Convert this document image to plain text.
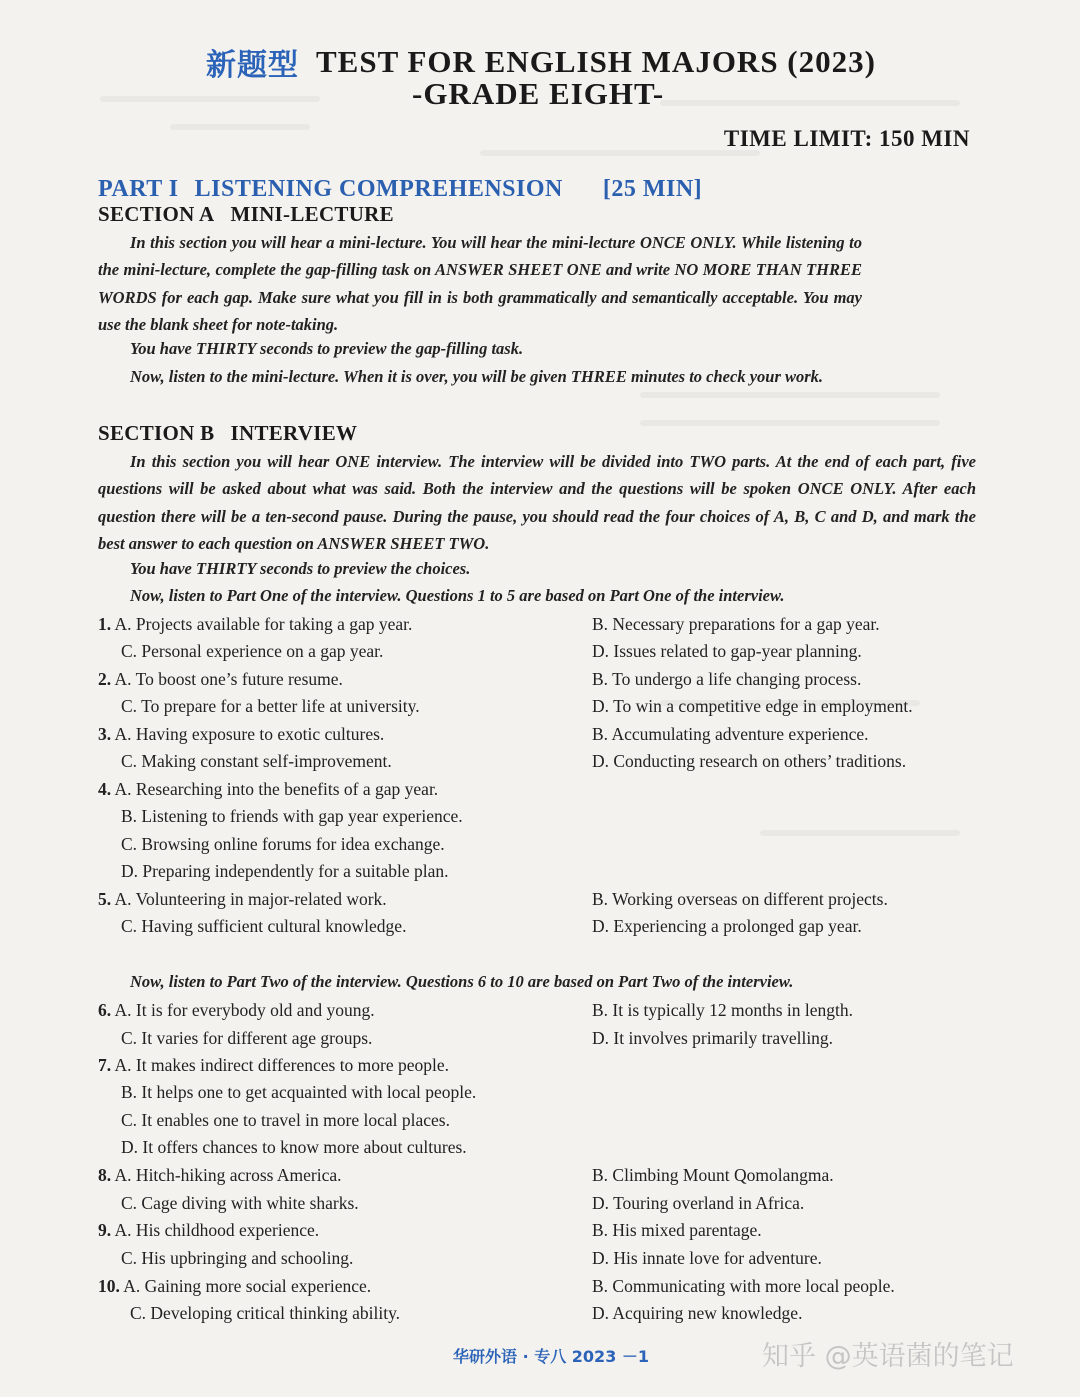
新题型 TEST FOR ENGLISH MAJORS (2023)
-GRADE EIGHT-
TIME LIMIT: 150 MIN
PART I LISTENING COMPREHENSION [25 MIN]
SECTION A MINI-LECTURE

In this section you will hear a mini-lecture. You will hear the mini-lecture ONCE ONLY. While listening to the mini-lecture, complete the gap-filling task on ANSWER SHEET ONE and write NO MORE THAN THREE WORDS for each gap. Make sure what you fill in is both grammatically and semantically acceptable. You may use the blank sheet for note-taking.

You have THIRTY seconds to preview the gap-filling task.
Now, listen to the mini-lecture. When it is over, you will be given THREE minutes to check your work.
SECTION B INTERVIEW

In this section you will hear ONE interview. The interview will be divided into TWO parts. At the end of each part, five questions will be asked about what was said. Both the interview and the questions will be spoken ONCE ONLY. After each question there will be a ten-second pause. During the pause, you should read the four choices of A, B, C and D, and mark the best answer to each question on ANSWER SHEET TWO.

You have THIRTY seconds to preview the choices.
Now, listen to Part One of the interview. Questions 1 to 5 are based on Part One of the interview.
1. A. Projects available for taking a gap year.	B. Necessary preparations for a gap year.
C. Personal experience on a gap year.	D. Issues related to gap-year planning.
2. A. To boost one’s future resume.	B. To undergo a life changing process.
C. To prepare for a better life at university.	D. To win a competitive edge in employment.
3. A. Having exposure to exotic cultures.	B. Accumulating adventure experience.
C. Making constant self-improvement.	D. Conducting research on others’ traditions.
4. A. Researching into the benefits of a gap year.
B. Listening to friends with gap year experience.
C. Browsing online forums for idea exchange.
D. Preparing independently for a suitable plan.
5. A. Volunteering in major-related work.	B. Working overseas on different projects.
C. Having sufficient cultural knowledge.	D. Experiencing a prolonged gap year.
Now, listen to Part Two of the interview. Questions 6 to 10 are based on Part Two of the interview.
6. A. It is for everybody old and young.	B. It is typically 12 months in length.
C. It varies for different age groups.	D. It involves primarily travelling.
7. A. It makes indirect differences to more people.
B. It helps one to get acquainted with local people.
C. It enables one to travel in more local places.
D. It offers chances to know more about cultures.
8. A. Hitch-hiking across America.	B. Climbing Mount Qomolangma.
C. Cage diving with white sharks.	D. Touring overland in Africa.
9. A. His childhood experience.	B. His mixed parentage.
C. His upbringing and schooling.	D. His innate love for adventure.
10. A. Gaining more social experience.	B. Communicating with more local people.
C. Developing critical thinking ability.	D. Acquiring new knowledge.
华研外语 · 专八 2023 －1	知乎 @英语菌的笔记
